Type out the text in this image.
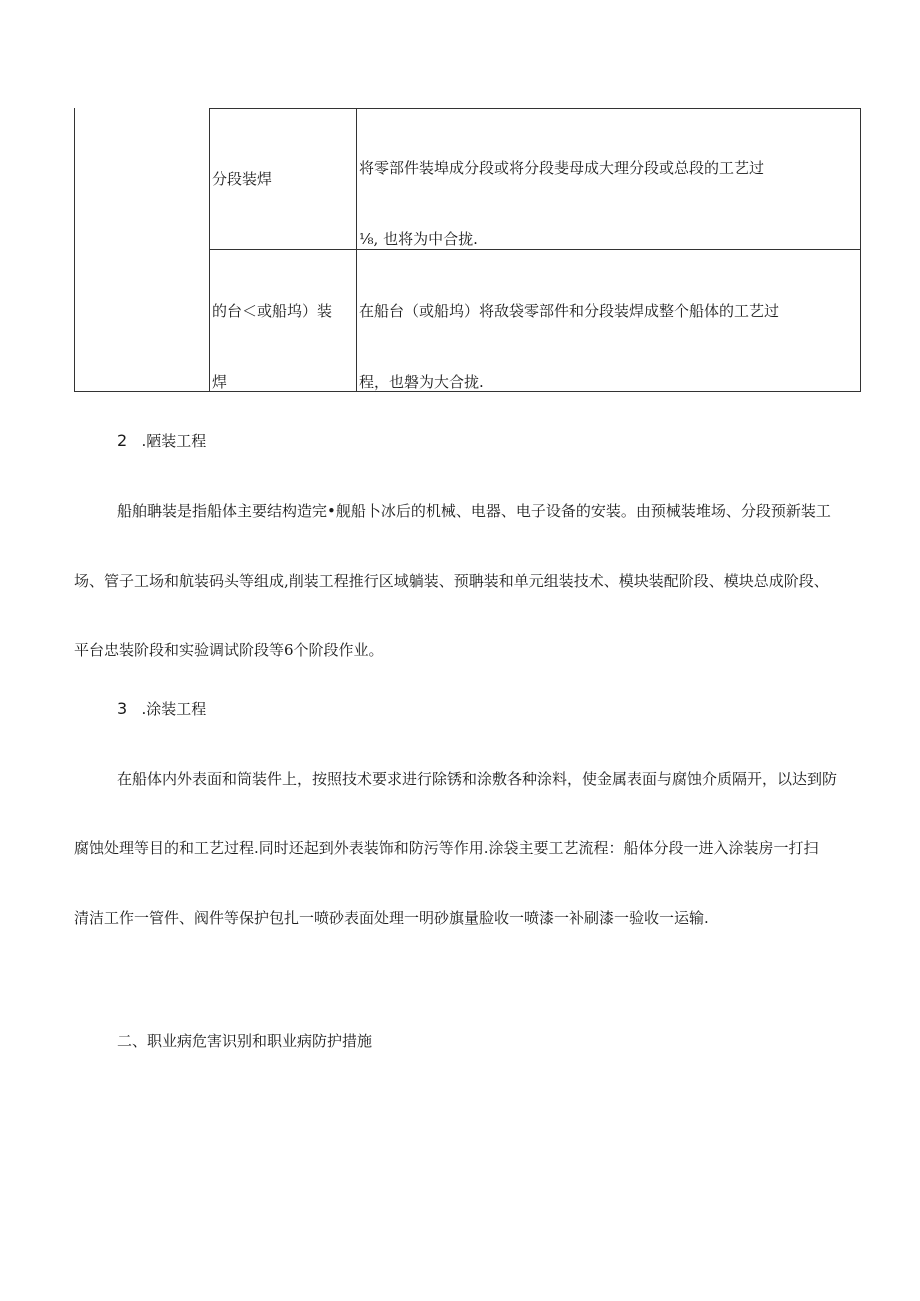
分段装焊
将零部件装埠成分段或将分段斐母成大理分段或总段的工艺过
⅛, 也将为中合拢.
的台＜或船坞）装
焊
在船台（或船坞）将敌袋零部件和分段装焊成整个船体的工艺过
程，也磐为大合拢.
2 .陋装工程
船舶聃装是指船体主要结构造完•舰船卜冰后的机械、电器、电子设备的安装。由预械装堆场、分段预新装工
场、管子工场和航装码头等组成,削装工程推行区域躺装、预聃装和单元组装技术、模块装配阶段、模块总成阶段、
平台忠装阶段和实验调试阶段等6个阶段作业。
3 .涂装工程
在船体内外表面和筒装件上，按照技术要求进行除锈和涂敷各种涂料，使金属表面与腐蚀介质隔开，以达到防
腐蚀处理等目的和工艺过程.同时还起到外表装饰和防污等作用.涂袋主要工艺流程：船体分段一进入涂装房一打扫
清洁工作一管件、阀件等保护包扎一喷砂表面处理一明砂旗量脸收一喷漆一补刷漆一验收一运输.
二、职业病危害识别和职业病防护措施
